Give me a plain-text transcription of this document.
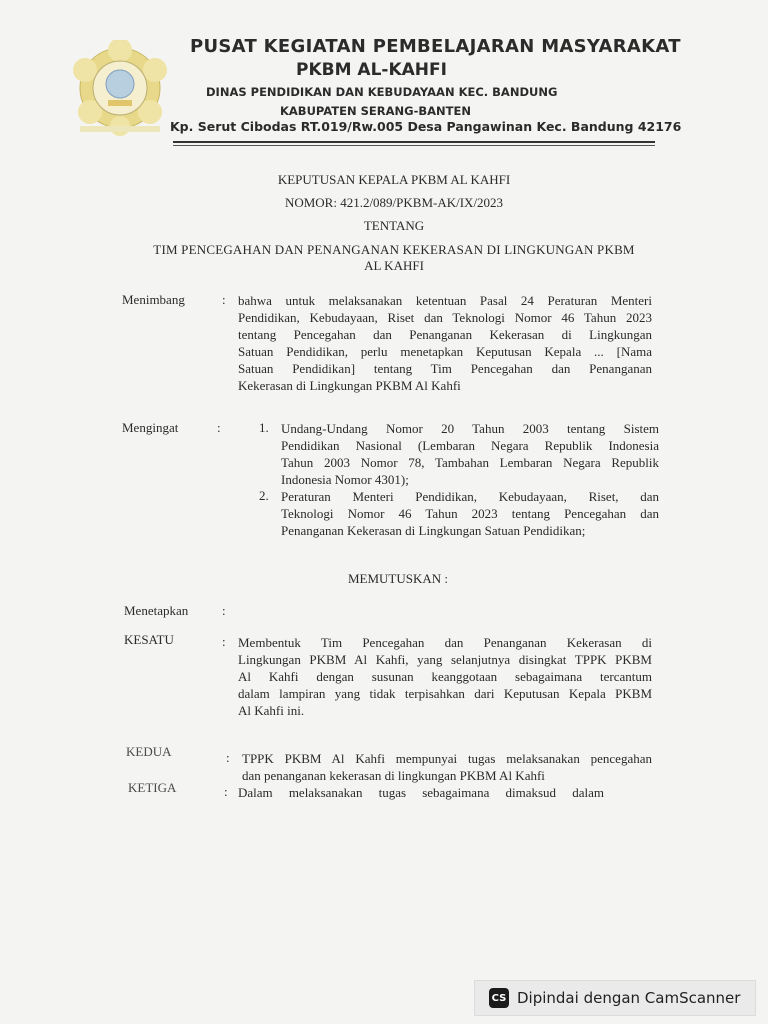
PUSAT KEGIATAN PEMBELAJARAN MASYARAKAT
PKBM AL-KAHFI
DINAS PENDIDIKAN DAN KEBUDAYAAN KEC. BANDUNG
KABUPATEN SERANG-BANTEN
Kp. Serut Cibodas RT.019/Rw.005 Desa Pangawinan Kec. Bandung 42176
KEPUTUSAN KEPALA PKBM AL KAHFI
NOMOR: 421.2/089/PKBM-AK/IX/2023
TENTANG
TIM PENCEGAHAN DAN PENANGANAN KEKERASAN DI LINGKUNGAN PKBM
AL KAHFI
Menimbang	: bahwa untuk melaksanakan ketentuan Pasal 24 Peraturan Menteri
Pendidikan, Kebudayaan, Riset dan Teknologi Nomor 46 Tahun 2023
tentang Pencegahan dan Penanganan Kekerasan di Lingkungan
Satuan Pendidikan, perlu menetapkan Keputusan Kepala ... [Nama
Satuan Pendidikan] tentang Tim Pencegahan dan Penanganan
Kekerasan di Lingkungan PKBM Al Kahfi
Mengingat	:	1. Undang-Undang Nomor 20 Tahun 2003 tentang Sistem
Pendidikan Nasional (Lembaran Negara Republik Indonesia
Tahun 2003 Nomor 78, Tambahan Lembaran Negara Republik
Indonesia Nomor 4301);
2. Peraturan Menteri Pendidikan, Kebudayaan, Riset, dan
Teknologi Nomor 46 Tahun 2023 tentang Pencegahan dan
Penanganan Kekerasan di Lingkungan Satuan Pendidikan;
MEMUTUSKAN :
Menetapkan	:
KESATU	: Membentuk Tim Pencegahan dan Penanganan Kekerasan di
Lingkungan PKBM Al Kahfi, yang selanjutnya disingkat TPPK PKBM
Al Kahfi dengan susunan keanggotaan sebagaimana tercantum
dalam lampiran yang tidak terpisahkan dari Keputusan Kepala PKBM
Al Kahfi ini.
KEDUA	: TPPK PKBM Al Kahfi mempunyai tugas melaksanakan pencegahan
dan penanganan kekerasan di lingkungan PKBM Al Kahfi
KETIGA	: Dalam melaksanakan tugas sebagaimana dimaksud dalam
CS Dipindai dengan CamScanner
